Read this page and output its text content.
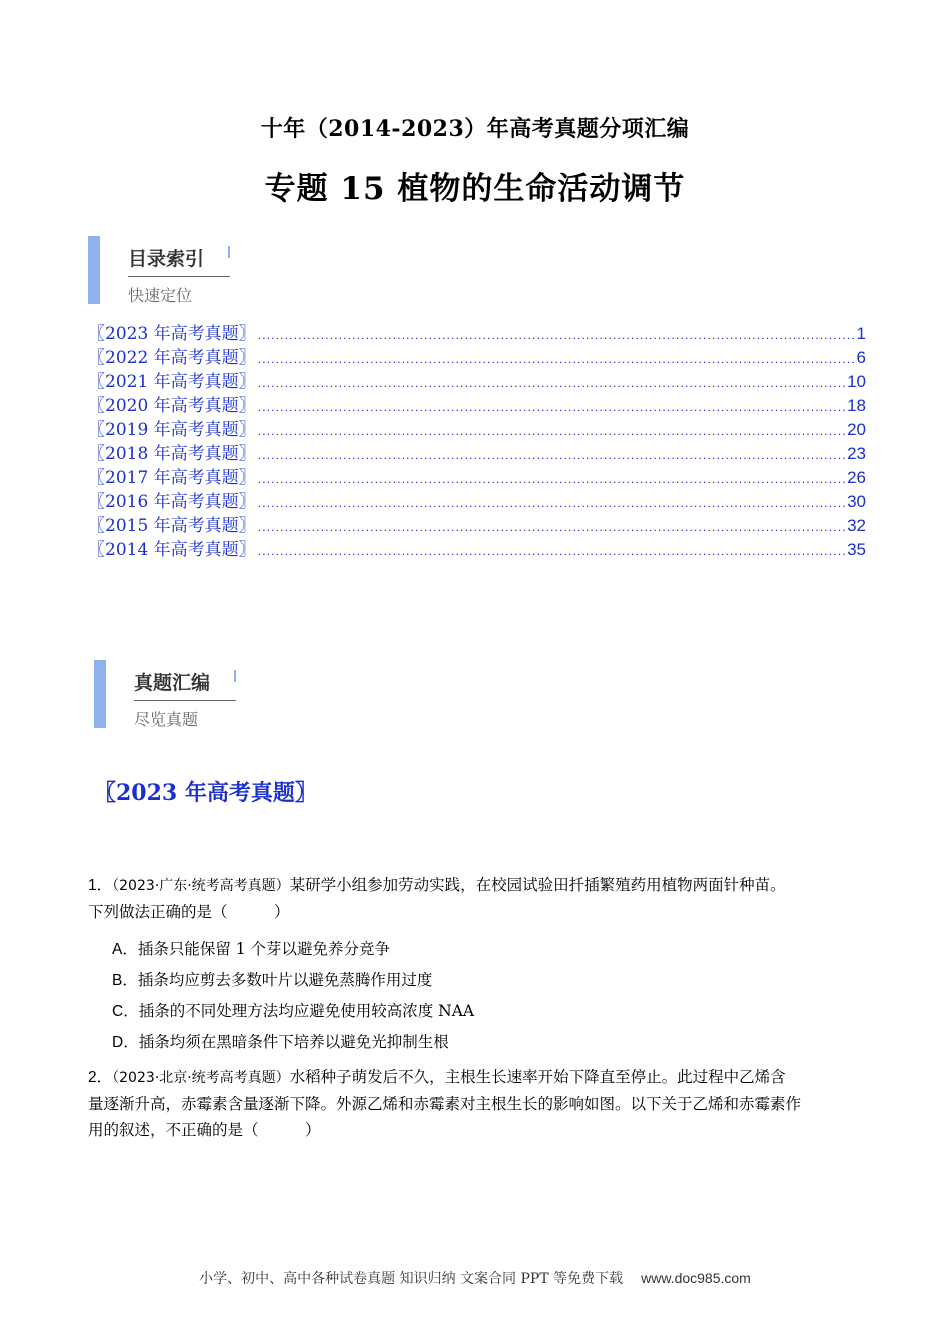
十年（2014-2023）年高考真题分项汇编
专题 15 植物的生命活动调节
目录索引
快速定位
〖2023 年高考真题〗 .....	1
〖2022 年高考真题〗 .....	6
〖2021 年高考真题〗 .....	10
〖2020 年高考真题〗 .....	18
〖2019 年高考真题〗 .....	20
〖2018 年高考真题〗 .....	23
〖2017 年高考真题〗 .....	26
〖2016 年高考真题〗 .....	30
〖2015 年高考真题〗 .....	32
〖2014 年高考真题〗 .....	35
真题汇编
尽览真题
〖2023 年高考真题〗
1．（2023·广东·统考高考真题）某研学小组参加劳动实践，在校园试验田扦插繁殖药用植物两面针种苗。
下列做法正确的是（　　　）
A．插条只能保留 1 个芽以避免养分竞争
B．插条均应剪去多数叶片以避免蒸腾作用过度
C．插条的不同处理方法均应避免使用较高浓度 NAA
D．插条均须在黑暗条件下培养以避免光抑制生根
2．（2023·北京·统考高考真题）水稻种子萌发后不久，主根生长速率开始下降直至停止。此过程中乙烯含
量逐渐升高，赤霉素含量逐渐下降。外源乙烯和赤霉素对主根生长的影响如图。以下关于乙烯和赤霉素作
用的叙述，不正确的是（　　　）
小学、初中、高中各种试卷真题 知识归纳 文案合同 PPT 等免费下载 www.doc985.com
